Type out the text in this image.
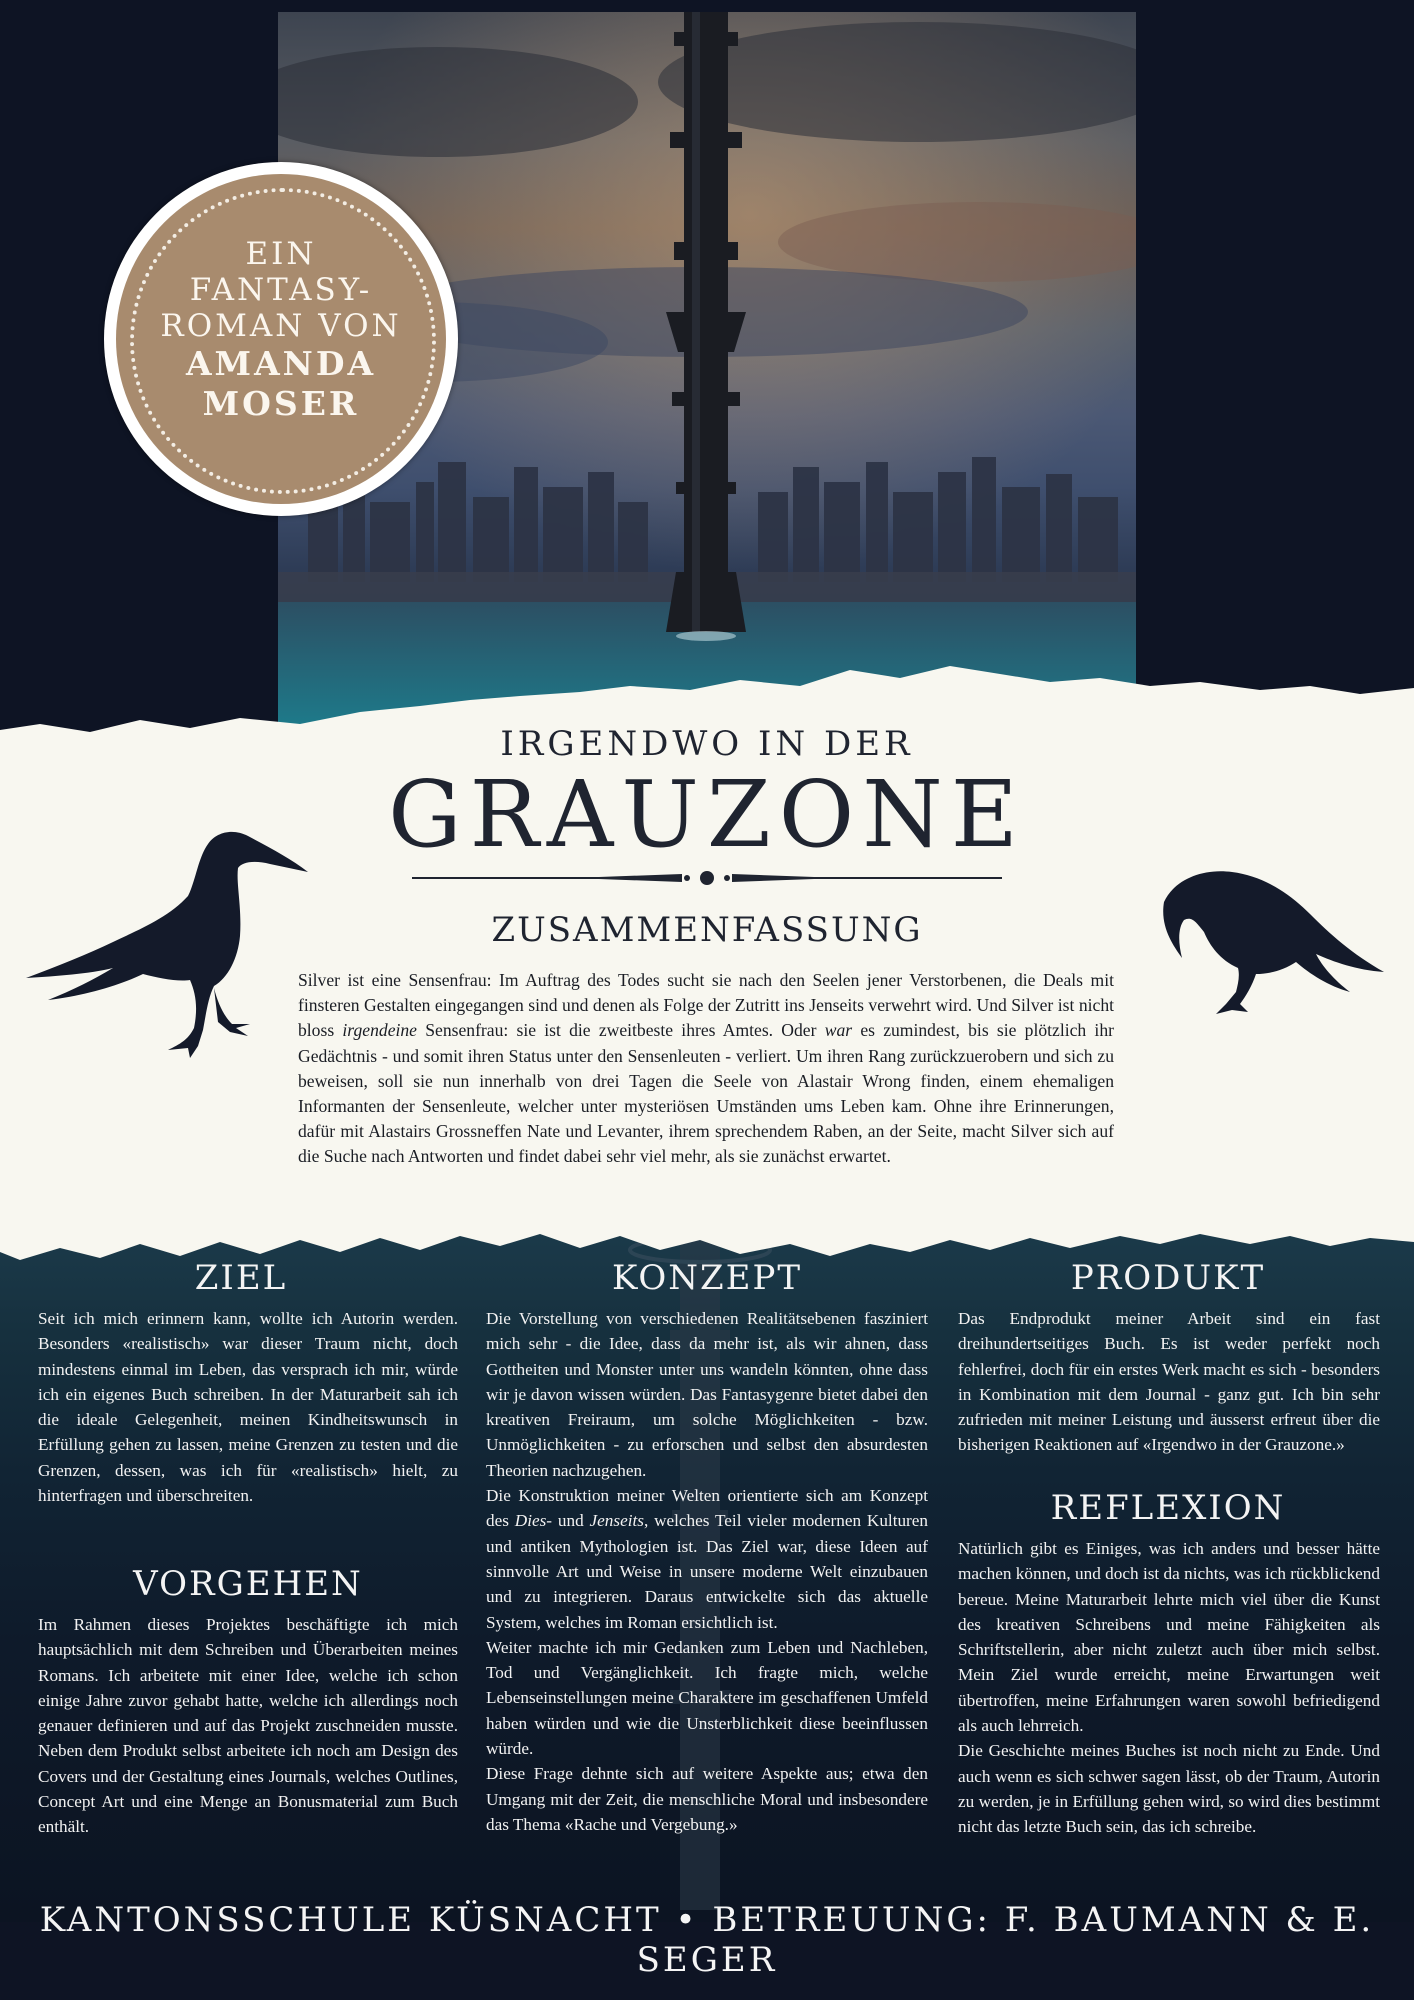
EIN
FANTASY-
ROMAN VON
AMANDA
MOSER
IRGENDWO IN DER
GRAUZONE
ZUSAMMENFASSUNG
Silver ist eine Sensenfrau: Im Auftrag des Todes sucht sie nach den Seelen jener Verstorbenen, die Deals mit finsteren Gestalten eingegangen sind und denen als Folge der Zutritt ins Jenseits verwehrt wird. Und Silver ist nicht bloss irgendeine Sensenfrau: sie ist die zweitbeste ihres Amtes. Oder war es zumindest, bis sie plötzlich ihr Gedächtnis - und somit ihren Status unter den Sensenleuten - verliert. Um ihren Rang zurückzuerobern und sich zu beweisen, soll sie nun innerhalb von drei Tagen die Seele von Alastair Wrong finden, einem ehemaligen Informanten der Sensenleute, welcher unter mysteriösen Umständen ums Leben kam. Ohne ihre Erinnerungen, dafür mit Alastairs Grossneffen Nate und Levanter, ihrem sprechendem Raben, an der Seite, macht Silver sich auf die Suche nach Antworten und findet dabei sehr viel mehr, als sie zunächst erwartet.
ZIEL

Seit ich mich erinnern kann, wollte ich Autorin werden. Besonders «realistisch» war dieser Traum nicht, doch mindestens einmal im Leben, das versprach ich mir, würde ich ein eigenes Buch schreiben. In der Maturarbeit sah ich die ideale Gelegenheit, meinen Kindheitswunsch in Erfüllung gehen zu lassen, meine Grenzen zu testen und die Grenzen, dessen, was ich für «realistisch» hielt, zu hinterfragen und überschreiten.

VORGEHEN

Im Rahmen dieses Projektes beschäftigte ich mich hauptsächlich mit dem Schreiben und Überarbeiten meines Romans. Ich arbeitete mit einer Idee, welche ich schon einige Jahre zuvor gehabt hatte, welche ich allerdings noch genauer definieren und auf das Projekt zuschneiden musste. Neben dem Produkt selbst arbeitete ich noch am Design des Covers und der Gestaltung eines Journals, welches Outlines, Concept Art und eine Menge an Bonusmaterial zum Buch enthält.

KONZEPT

Die Vorstellung von verschiedenen Realitätsebenen fasziniert mich sehr - die Idee, dass da mehr ist, als wir ahnen, dass Gottheiten und Monster unter uns wandeln könnten, ohne dass wir je davon wissen würden. Das Fantasygenre bietet dabei den kreativen Freiraum, um solche Möglichkeiten - bzw. Unmöglichkeiten - zu erforschen und selbst den absurdesten Theorien nachzugehen.

Die Konstruktion meiner Welten orientierte sich am Konzept des Dies- und Jenseits, welches Teil vieler modernen Kulturen und antiken Mythologien ist. Das Ziel war, diese Ideen auf sinnvolle Art und Weise in unsere moderne Welt einzubauen und zu integrieren. Daraus entwickelte sich das aktuelle System, welches im Roman ersichtlich ist.

Weiter machte ich mir Gedanken zum Leben und Nachleben, Tod und Vergänglichkeit. Ich fragte mich, welche Lebenseinstellungen meine Charaktere im geschaffenen Umfeld haben würden und wie die Unsterblichkeit diese beeinflussen würde.

Diese Frage dehnte sich auf weitere Aspekte aus; etwa den Umgang mit der Zeit, die menschliche Moral und insbesondere das Thema «Rache und Vergebung.»

PRODUKT

Das Endprodukt meiner Arbeit sind ein fast dreihundertseitiges Buch. Es ist weder perfekt noch fehlerfrei, doch für ein erstes Werk macht es sich - besonders in Kombination mit dem Journal - ganz gut. Ich bin sehr zufrieden mit meiner Leistung und äusserst erfreut über die bisherigen Reaktionen auf «Irgendwo in der Grauzone.»

REFLEXION

Natürlich gibt es Einiges, was ich anders und besser hätte machen können, und doch ist da nichts, was ich rückblickend bereue. Meine Maturarbeit lehrte mich viel über die Kunst des kreativen Schreibens und meine Fähigkeiten als Schriftstellerin, aber nicht zuletzt auch über mich selbst. Mein Ziel wurde erreicht, meine Erwartungen weit übertroffen, meine Erfahrungen waren sowohl befriedigend als auch lehrreich.

Die Geschichte meines Buches ist noch nicht zu Ende. Und auch wenn es sich schwer sagen lässt, ob der Traum, Autorin zu werden, je in Erfüllung gehen wird, so wird dies bestimmt nicht das letzte Buch sein, das ich schreibe.

KANTONSSCHULE KÜSNACHT • BETREUUNG: F. BAUMANN & E. SEGER
